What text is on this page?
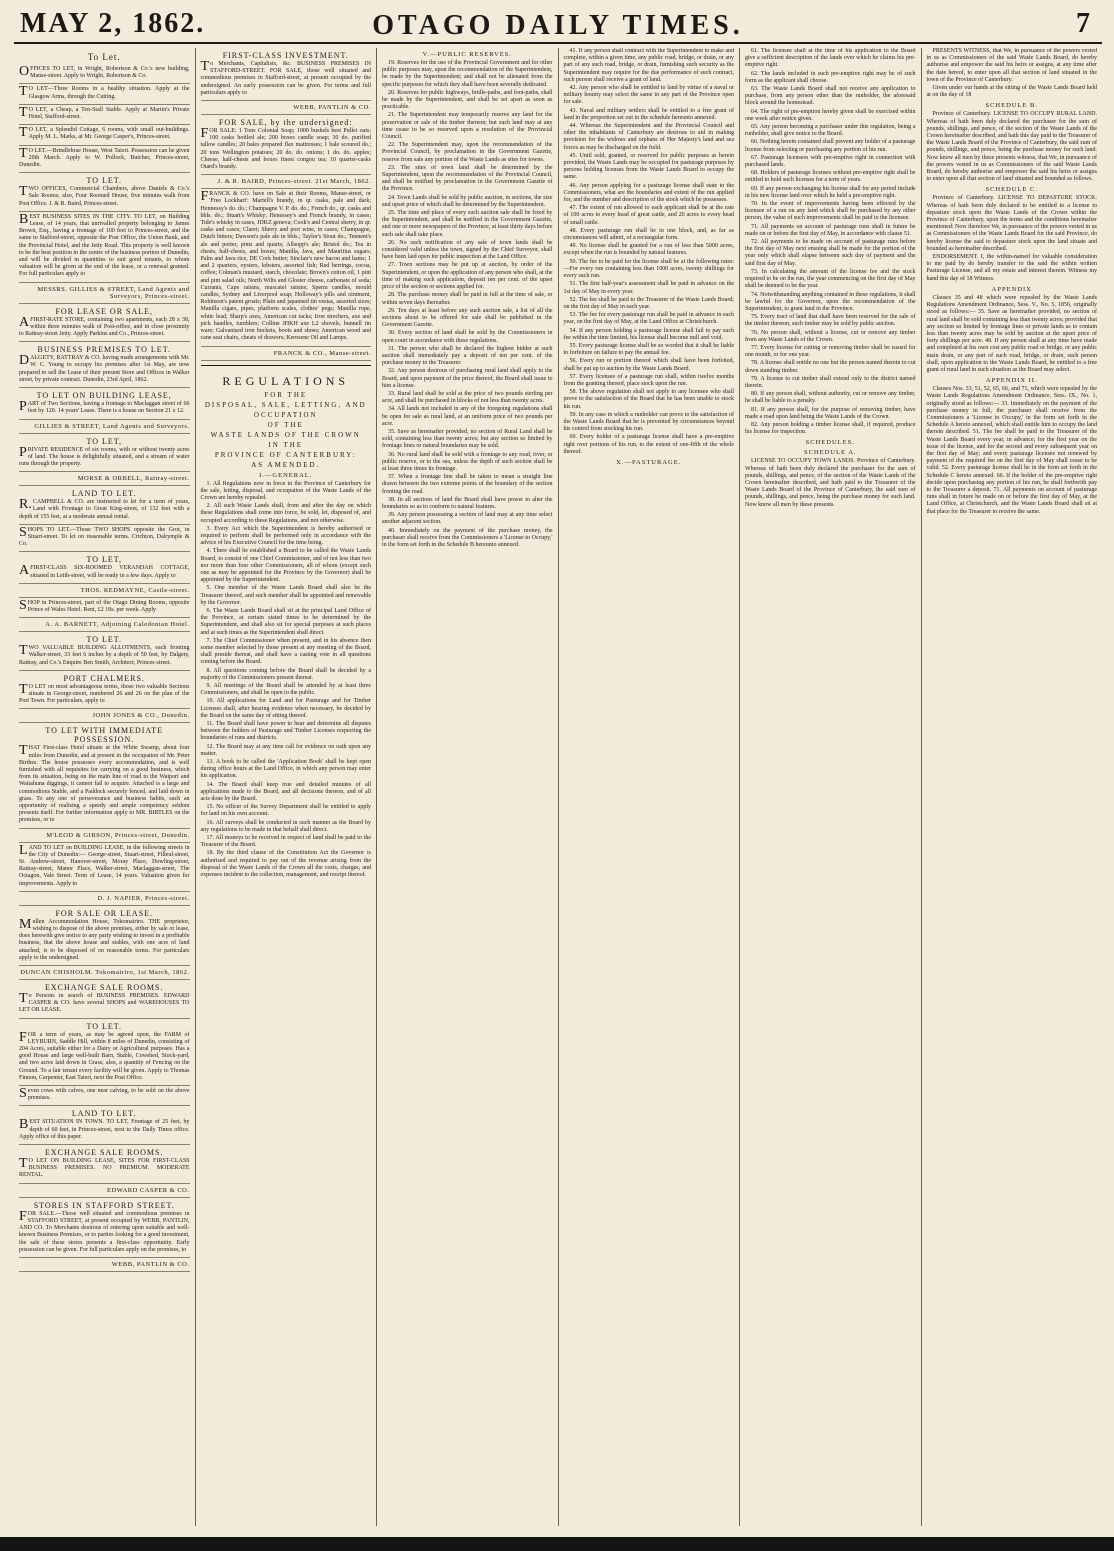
MAY 2, 1862.	OTAGO DAILY TIMES.	7
To Let.

OFFICES TO LET, in Wright, Robertson & Co.'s new building, Manse-street. Apply to Wright, Robertson & Co.

TO LET—Three Rooms in a healthy situation. Apply at the Glasgow Arms, through the Cutting.

TO LET, a Cheap, a Ten-Stall Stable. Apply at Martin's Private Hotel, Stafford-street.

TO LET, a Splendid Cottage, 6 rooms, with small out-buildings. Apply M. L. Marks, at Mr. George Casper's, Princes-street.

TO LET.—Brindlebrae House, West Taieri. Possession can be given 20th March. Apply to W. Pollock, Butcher, Princes-street, Dunedin.

TO LET.

TWO OFFICES, Commercial Chambers, above Daniels & Co.'s Sale Rooms; also, Four Roomed House, five minutes walk from Post Office. J. & R. Baird, Princes-street.

BEST BUSINESS SITES IN THE CITY. TO LET, on Building Lease, of 14 years, that unrivalled property belonging to James Brown, Esq., having a frontage of 100 feet to Princes-street, and the same to Stafford-street, opposite the Post Office, the Union Bank, and the Provincial Hotel, and the Jetty Road. This property is well known to be the best position in the centre of the business portion of Dunedin, and will be divided in quantities to suit good tenants, to whom valuation will be given at the end of the lease, or a renewal granted. For full particulars apply to

MESSRS. GILLIES & STREET, Land Agents and Surveyors, Princes-street.

FOR LEASE OR SALE,

AFIRST-RATE STORE, containing two apartments, each 28 x 38, within three minutes walk of Post-office, and in close proximity to Rattray-street Jetty. Apply Parkins and Co., Princes-street.

BUSINESS PREMISES TO LET.

DALGETY, RATTRAY & CO. having made arrangements with Mr. W. C. Young to occupy his premises after 1st May, are now prepared to sell the Lease of their present Store and Offices in Walker street, by private contract. Dunedin, 23rd April, 1862.

TO LET ON BUILDING LEASE,

PART of Two Sections, having a frontage to Maclaggan street of 66 feet by 120. 14 years' Lease. There is a house on Section 21 x 12.

GILLIES & STREET, Land Agents and Surveyors.

TO LET,

PRIVATE RESIDENCE of six rooms, with or without twenty acres of land. The house is delightfully situated, and a stream of water runs through the property.

MORSE & ORBELL, Rattray-street.

LAND TO LET.

R.CAMPBELL & CO. are instructed to let for a term of years, Land with Frontage to Great King-street, of 132 feet with a depth of 155 feet, at a moderate annual rental.

SHOPS TO LET.—Those TWO SHOPS opposite the Grot, in Stuart-street. To let on reasonable terms. Crichton, Dalrymple & Co.

TO LET,

AFIRST-CLASS SIX-ROOMED VERANDAH COTTAGE, situated in Leith-street, will be ready in a few days. Apply to

THOS. REDMAYNE, Castle-street.

SHOP in Princes-street, part of the Otago Dining Rooms, opposite Prince of Wales Hotel. Rent, £2 10s. per week. Apply

A. A. BARNETT, Adjoining Caledonian Hotel.

TO LET.

TWO VALUABLE BUILDING ALLOTMENTS, each fronting Walker-street, 33 feet 6 inches by a depth of 50 feet, by Dalgety, Rattray, and Co.'s Enquire Ben Smith, Architect, Princes-street.

PORT CHALMERS.

TO LET on most advantageous terms, those two valuable Sections situate in George-street, numbered 26 and 26 on the plan of the Port Town. For particulars, apply to

JOHN JONES & CO., Dunedin.

TO LET WITH IMMEDIATE POSSESSION.

THAT First-class Hotel situate at the White Swamp, about four miles from Dunedin, and at present in the occupation of Mr. Peter Birthes. The house possesses every accommodation, and is well furnished with all requisites for carrying on a good business, which from its situation, being on the main line of road to the Waipori and Waitahuna diggings, it cannot fail to acquire. Attached is a large and commodious Stable, and a Paddock securely fenced, and laid down in grass. To any one of perseverance and business habits, such an opportunity of realising a speedy and ample competency seldom presents itself. For further information apply to MR. BIRTLES on the premises, or to

M'LEOD & GIBSON, Princes-street, Dunedin.

LAND TO LET on BUILDING LEASE, in the following streets in the City of Dunedin:— George-street, Stuart-street, Filleul-street, St. Andrew-street, Hanover-street, Moray Place, Dowling-street, Rattray-street, Manor Place, Walker-street, Maclaggan-street, The Octagon, Vale Street. Term of Lease, 14 years. Valuation given for improvements. Apply to

D. J. NAPIER, Princes-street.

FOR SALE OR LEASE.

Mullen Accommodation House, Tokomairiro. THE proprietor, wishing to dispose of the above premises, either by sale or lease, does herewith give notice to any party wishing to invest in a profitable business, that the above house and stables, with one acre of land attached, is to be disposed of on reasonable terms. For particulars apply to the undersigned.

DUNCAN CHISHOLM. Tokomairiro, 1st March, 1862.

EXCHANGE SALE ROOMS.

To Persons in search of BUSINESS PREMISES. EDWARD CASPER & CO. have several SHOPS and WAREHOUSES TO LET OR LEASE.

TO LET.

FOR a term of years, as may be agreed upon, the FARM of LEYBURN, Saddle Hill, within 8 miles of Dunedin, consisting of 204 Acres, suitable either for a Dairy or Agricultural purposes. Has a good House and large well-built Barn, Stable, Cowshed, Stock-yard, and two acres laid down in Grass; also, a quantity of Fencing on the Ground. To a fair tenant every facility will be given. Apply to Thomas Finnon, Carpenter, East Taieri, next the Post Office.

Seven cows with calves, one near calving, to be sold on the above premises.

LAND TO LET.

BEST SITUATION IN TOWN. TO LET, Frontage of 25 feet, by depth of 60 feet, in Princes-street, next to the Daily Times office. Apply office of this paper.

EXCHANGE SALE ROOMS.

TO LET ON BUILDING LEASE, SITES FOR FIRST-CLASS BUSINESS PREMISES. NO PREMIUM. MODERATE RENTAL.

EDWARD CASPER & CO.

STORES IN STAFFORD STREET.

FOR SALE.—Those well situated and commodious premises in STAFFORD STREET, at present occupied by WEBB, PANTLIN, AND CO. To Merchants desirous of entering upon suitable and well-known Business Premises, or to parties looking for a good investment, the sale of these stores presents a first-class opportunity. Early possession can be given. For full particulars apply on the premises, to

WEBB, PANTLIN & CO.

FIRST-CLASS INVESTMENT.

To Merchants, Capitalists, &c. BUSINESS PREMISES IN STAFFORD-STREET. FOR SALE, those well situated and commodious premises in Stafford-street, at present occupied by the undersigned. An early possession can be given. For terms and full particulars apply to

WEBB, PANTLIN & CO.

FOR SALE, by the undersigned:

FOR SALE: 1 Tons Colonial Soap; 1000 bushels best Pullet oats; 100 casks bottled ale; 200 boxes candle soap; 30 do. purified tallow candles; 20 bales prepared flax mattresses; 1 bale scoured do.; 20 tons Wellington potatoes; 20 do. do. onions; 1 do. do. apples; Cheese, half-chests and boxes finest congou tea; 10 quarter-casks Otard's brandy.

J. & R. BAIRD, Princes-street. 21st March, 1862.

FRANCK & CO. have on Sale at their Rooms, Manse-street, or 'Free Lockhart': Martell's brandy, in qr. casks, pale and dark; Hennessy's do. do.; Champagne V. P. do. do.; French do., qr. casks and bbls. do.; Stuart's Whisky; Henessey's and French brandy, in cases; Tide's whisky in cases, JDKZ geneva; Cook's and Central sherry, in qr. casks and cases; Claret; Sherry and port wine, in cases; Champagne, Dutch bitters; Dawson's pale ale in bbls.; Taylor's Stout do.; Tennent's ale and porter, pints and quarts; Allsopp's ale; Bristol do.; Tea in chests, half-chests, and boxes; Manilla, Java, and Mauritius sugars; Palm and Java rice, DE Cork butter; Sinclair's new bacon and hams; 1 and 2 quarters, oysters, lobsters, assorted fish; Red herrings, cocoa, coffee; Colman's mustard, starch, chocolate; Brown's cotton oil, 1 pint and pint salad oils; North Wilts and Gloster cheese, carbonate of soda; Currants, Cape raisins, muscatel raisins; Sperm candles, mould candles, Sydney and Liverpool soap; Holloway's pills and ointment, Robinson's patent groats; Plain and japanned tin vestas, assorted sizes; Manilla cigars, pipes, platform scales, clothes' pegs; Manilla rope, white lead, Sharp's axes, American cut tacks; Iron strechers, axe and pick handles, tumblers; Colline JHKH axe L2 shovels, bunnell tin ware; Galvanised iron buckets, boots and shoes; American wood and cane seat chairs, cheats of drawers; Kerosene Oil and Lamps.

FRANCK & CO., Manse-street.

REGULATIONS
FOR THE
DISPOSAL, SALE, LETTING, AND
OCCUPATION
OF THE
WASTE LANDS OF THE CROWN
IN THE
PROVINCE OF CANTERBURY:
AS AMENDED.
I.—GENERAL.

1. All Regulations now in force in the Province of Canterbury for the sale, letting, disposal, and occupation of the Waste Lands of the Crown are hereby repealed.

2. All such Waste Lands shall, from and after the day on which these Regulations shall come into force, be sold, let, disposed of, and occupied according to these Regulations, and not otherwise.

3. Every Act which the Superintendent is hereby authorised or required to perform shall be performed only in accordance with the advice of his Executive Council for the time being.

4. There shall be established a Board to be called the Waste Lands Board, to consist of one Chief Commissioner, and of not less than two nor more than four other Commissioners, all of whom (except such one as may be appointed for the Province by the Governor) shall be appointed by the Superintendent.

5. One member of the Waste Lands Board shall also be the Treasurer thereof, and such member shall be appointed and removable by the Governor.

6. The Waste Lands Board shall sit at the principal Land Office of the Province, at certain stated times to be determined by the Superintendent, and shall also sit for special purposes at such places and at such times as the Superintendent shall direct.

7. The Chief Commissioner when present, and in his absence then some member selected by those present at any meeting of the Board, shall preside thereat, and shall have a casting vote in all questions coming before the Board.

8. All questions coming before the Board shall be decided by a majority of the Commissioners present thereat.

9. All meetings of the Board shall be attended by at least three Commissioners, and shall be open to the public.

10. All applications for Land and for Pasturage and for Timber Licenses shall, after hearing evidence when necessary, be decided by the Board on the same day of sitting thereof.

11. The Board shall have power to hear and determine all disputes between the holders of Pasturage and Timber Licenses respecting the boundaries of runs and districts.

12. The Board may at any time call for evidence on oath upon any matter.

13. A book to be called the 'Application Book' shall be kept open during office hours at the Land Office, in which any person may enter his application.

14. The Board shall keep true and detailed minutes of all applications made to the Board, and all decisions thereon, and of all acts done by the Board.

15. No officer of the Survey Department shall be entitled to apply for land on his own account.

16. All surveys shall be conducted in such manner as the Board by any regulations to be made in that behalf shall direct.

17. All moneys to be received in respect of land shall be paid to the Treasurer of the Board.

18. By the third clause of the Constitution Act the Governor is authorised and required to pay out of the revenue arising from the disposal of the Waste Lands of the Crown all the costs, charges, and expenses incident to the collection, management, and receipt thereof.

V.—PUBLIC RESERVES.

19. Reserves for the use of the Provincial Government and for other public purposes may, upon the recommendation of the Superintendent, be made by the Superintendent; and shall not be alienated from the specific purposes for which they shall have been severally dedicated.

20. Reserves for public highways, bridle-paths, and foot-paths, shall be made by the Superintendent, and shall be set apart as soon as practicable.

21. The Superintendent may temporarily reserve any land for the preservation or sale of the timber thereon; but such land may at any time cease to be so reserved upon a resolution of the Provincial Council.

22. The Superintendent may, upon the recommendation of the Provincial Council, by proclamation in the Government Gazette, reserve from sale any portion of the Waste Lands as sites for towns.

23. The sites of town land shall be determined by the Superintendent, upon the recommendation of the Provincial Council, and shall be notified by proclamation in the Government Gazette of the Province.

24. Town Lands shall be sold by public auction, in sections, the size and upset price of which shall be determined by the Superintendent.

25. The time and place of every such auction sale shall be fixed by the Superintendent, and shall be notified in the Government Gazette, and one or more newspapers of the Province, at least thirty days before such sale shall take place.

26. No such notification of any sale of town lands shall be considered valid unless the town, signed by the Chief Surveyor, shall have been laid open for public inspection at the Land Office.

27. Town sections may be put up at auction, by order of the Superintendent, or upon the application of any person who shall, at the time of making such application, deposit ten per cent. of the upset price of the section or sections applied for.

28. The purchase money shall be paid in full at the time of sale, or within seven days thereafter.

29. Ten days at least before any such auction sale, a list of all the sections about to be offered for sale shall be published in the Government Gazette.

30. Every section of land shall be sold by the Commissioners in open court in accordance with these regulations.

31. The person who shall be declared the highest bidder at such auction shall immediately pay a deposit of ten per cent. of the purchase money to the Treasurer.

32. Any person desirous of purchasing rural land shall apply to the Board, and upon payment of the price thereof, the Board shall issue to him a license.

33. Rural land shall be sold at the price of two pounds sterling per acre, and shall be purchased in blocks of not less than twenty acres.

34. All lands not included in any of the foregoing regulations shall be open for sale as rural land, at an uniform price of two pounds per acre.

35. Save as hereinafter provided, no section of Rural Land shall be sold, containing less than twenty acres; but any section so limited by frontage lines or natural boundaries may be sold.

36. No rural land shall be sold with a frontage to any road, river, or public reserve, or to the sea, unless the depth of such section shall be at least three times its frontage.

37. When a frontage line shall be taken to mean a straight line drawn between the two extreme points of the boundary of the section fronting the road.

38. In all sections of land the Board shall have power to alter the boundaries so as to conform to natural features.

39. Any person possessing a section of land may at any time select another adjacent section.

40. Immediately on the payment of the purchase money, the purchaser shall receive from the Commissioners a 'License to Occupy,' in the form set forth in the Schedule B hereunto annexed.

41. If any person shall contract with the Superintendent to make and complete, within a given time, any public road, bridge, or drain, or any part of any such road, bridge, or drain, furnishing such security as the Superintendent may require for the due performance of such contract, such person shall receive a grant of land.

42. Any person who shall be entitled to land by virtue of a naval or military bounty may select the same in any part of the Province open for sale.

43. Naval and military settlers shall be entitled to a free grant of land in the proportion set out in the schedule hereunto annexed.

44. Whereas the Superintendent and the Provincial Council and other the inhabitants of Canterbury are desirous to aid in making provision for the widows and orphans of Her Majesty's land and sea forces as may be discharged on the field.

45. Until sold, granted, or reserved for public purposes as herein provided, the Waste Lands may be occupied for pasturage purposes by persons holding licenses from the Waste Lands Board to occupy the same.

46. Any person applying for a pasturage license shall state to the Commissioners, what are the boundaries and extent of the run applied for, and the number and description of the stock which he possesses.

47. The extent of run allowed to each applicant shall be at the rate of 100 acres to every head of great cattle, and 20 acres to every head of small cattle.

48. Every pasturage run shall be in one block, and, as far as circumstances will admit, of a rectangular form.

49. No license shall be granted for a run of less than 5000 acres, except when the run is bounded by natural features.

50. The fee to be paid for the license shall be at the following rates:—For every run containing less than 1000 acres, twenty shillings for every such run.

51. The first half-year's assessment shall be paid in advance on the 1st day of May in every year.

52. The fee shall be paid to the Treasurer of the Waste Lands Board; on the first day of May in each year.

53. The fee for every pasturage run shall be paid in advance in each year, on the first day of May, at the Land Office at Christchurch.

54. If any person holding a pasturage license shall fail to pay such fee within the time limited, his license shall become null and void.

55. Every pasturage license shall be so worded that it shall be liable to forfeiture on failure to pay the annual fee.

56. Every run or portion thereof which shall have been forfeited, shall be put up to auction by the Waste Lands Board.

57. Every licensee of a pasturage run shall, within twelve months from the granting thereof, place stock upon the run.

58. The above regulation shall not apply to any licensee who shall prove to the satisfaction of the Board that he has been unable to stock his run.

59. In any case in which a runholder can prove to the satisfaction of the Waste Lands Board that he is prevented by circumstances beyond his control from stocking his run.

60. Every holder of a pasturage license shall have a pre-emptive right over portions of his run, to the extent of one-fifth of the whole thereof.

X.—PASTURAGE.

61. The licensee shall at the time of his application to the Board give a sufficient description of the lands over which he claims his pre-emptive right.

62. The lands included in such pre-emptive right may be of such form as the applicant shall choose.

63. The Waste Lands Board shall not receive any application to purchase, from any person other than the runholder, the aforesaid block around the homestead.

64. The right of pre-emption hereby given shall be exercised within one week after notice given.

65. Any person becoming a purchaser under this regulation, being a runholder, shall give notice to the Board.

66. Nothing herein contained shall prevent any holder of a pasturage license from selecting or purchasing any portion of his run.

67. Pasturage licensees with pre-emptive right in connection with purchased lands.

68. Holders of pasturage licenses without pre-emptive right shall be entitled to hold such licenses for a term of years.

69. If any person exchanging his license shall for any period include in his new license land over which he held a pre-emptive right.

70. In the event of improvements having been effected by the licensee of a run on any land which shall be purchased by any other person, the value of such improvements shall be paid to the licensee.

71. All payments on account of pasturage runs shall in future be made on or before the first day of May, in accordance with clause 51.

72. All payments to be made on account of pasturage runs before the first day of May next ensuing shall be made for the portion of the year only which shall elapse between such day of payment and the said first day of May.

73. In calculating the amount of the license fee and the stock required to be on the run, the year commencing on the first day of May shall be deemed to be the year.

74. Notwithstanding anything contained in these regulations, it shall be lawful for the Governor, upon the recommendation of the Superintendent, to grant land in the Province.

75. Every tract of land that shall have been reserved for the sale of the timber thereon, such timber may be sold by public auction.

76. No person shall, without a license, cut or remove any timber from any Waste Lands of the Crown.

77. Every license for cutting or removing timber shall be issued for one month, or for one year.

78. A license shall entitle no one but the person named therein to cut down standing timber.

79. A license to cut timber shall extend only to the district named therein.

80. If any person shall, without authority, cut or remove any timber, he shall be liable to a penalty.

81. If any person shall, for the purpose of removing timber, have made a road upon land being the Waste Lands of the Crown.

82. Any person holding a timber license shall, if required, produce his license for inspection.

SCHEDULES.
SCHEDULE A.

LICENSE TO OCCUPY TOWN LANDS. Province of Canterbury. Whereas of hath been duly declared the purchaser for the sum of pounds, shillings, and pence, of the section of the Waste Lands of the Crown hereinafter described, and hath paid to the Treasurer of the Waste Lands Board of the Province of Canterbury, the said sum of pounds, shillings, and pence, being the purchase money for such land. Now know all men by these presents.

PRESENTS WITNESS, that We, in pursuance of the powers vested in us as Commissioners of the said Waste Lands Board, do hereby authorise and empower the said his heirs or assigns, at any time after the date hereof, to enter upon all that section of land situated in the town of the Province of Canterbury.

Given under our hands at the sitting of the Waste Lands Board held at on the day of 18

SCHEDULE B.

Province of Canterbury. LICENSE TO OCCUPY RURAL LAND. Whereas of hath been duly declared the purchaser for the sum of pounds, shillings, and pence, of the section of the Waste Lands of the Crown hereinafter described, and hath this day paid to the Treasurer of the Waste Lands Board of the Province of Canterbury, the said sum of pounds, shillings, and pence, being the purchase money for such land. Now know all men by these presents witness, that We, in pursuance of the powers vested in us as Commissioners of the said Waste Lands Board, do hereby authorise and empower the said his heirs or assigns to enter upon all that section of land situated and bounded as follows.

SCHEDULE C.

Province of Canterbury. LICENSE TO DEPASTURE STOCK. Whereas of hath been duly declared to be entitled to a license to depasture stock upon the Waste Lands of the Crown within the Province of Canterbury, upon the terms and the conditions hereinafter mentioned: Now therefore We, in pursuance of the powers vested in us as Commissioners of the Waste Lands Board for the said Province, do hereby license the said to depasture stock upon the land situate and bounded as hereinafter described.

ENDORSEMENT. I, the within-named for valuable consideration to me paid by do hereby transfer to the said the within written Pasturage License, and all my estate and interest therein. Witness my hand this day of 18 Witness.

APPENDIX

Clauses 35 and 48 which were repealed by the Waste Lands Regulations Amendment Ordinance, Sess. V., No. 5, 1856, originally stood as follows:— 35. Save as hereinafter provided, no section of rural land shall be sold containing less than twenty acres; provided that any section so limited by frontage lines or private lands as to contain less than twenty acres may be sold by auction at the upset price of forty shillings per acre. 48. If any person shall at any time have made and completed at his own cost any public road or bridge, or any public main drain, or any part of such road, bridge, or drain, such person shall, upon application to the Waste Lands Board, be entitled to a free grant of rural land in such situation as the Board may select.

APPENDIX II.

Clauses Nos. 33, 51, 52, 65, 66, and 71, which were repealed by the Waste Lands Regulations Amendment Ordinance, Sess. IX., No. 1, originally stood as follows:— 33. Immediately on the payment of the purchase money in full, the purchaser shall receive from the Commissioners a 'License to Occupy,' in the form set forth in the Schedule A hereto annexed, which shall entitle him to occupy the land therein described. 51. The fee shall be paid to the Treasurer of the Waste Lands Board every year, in advance; for the first year on the issue of the license, and for the second and every subsequent year on the first day of May; and every pasturage licensee not renewed by payment of the required fee on the first day of May shall cease to be valid. 52. Every pasturage license shall be in the form set forth in the Schedule C hereto annexed. 66. If the holder of the pre-emptive right decide upon purchasing any portion of his run, he shall forthwith pay to the Treasurer a deposit. 71. All payments on account of pasturage runs shall in future be made on or before the first day of May, at the Land Office, at Christchurch, and the Waste Lands Board shall sit at that place for the Treasurer to receive the same.
